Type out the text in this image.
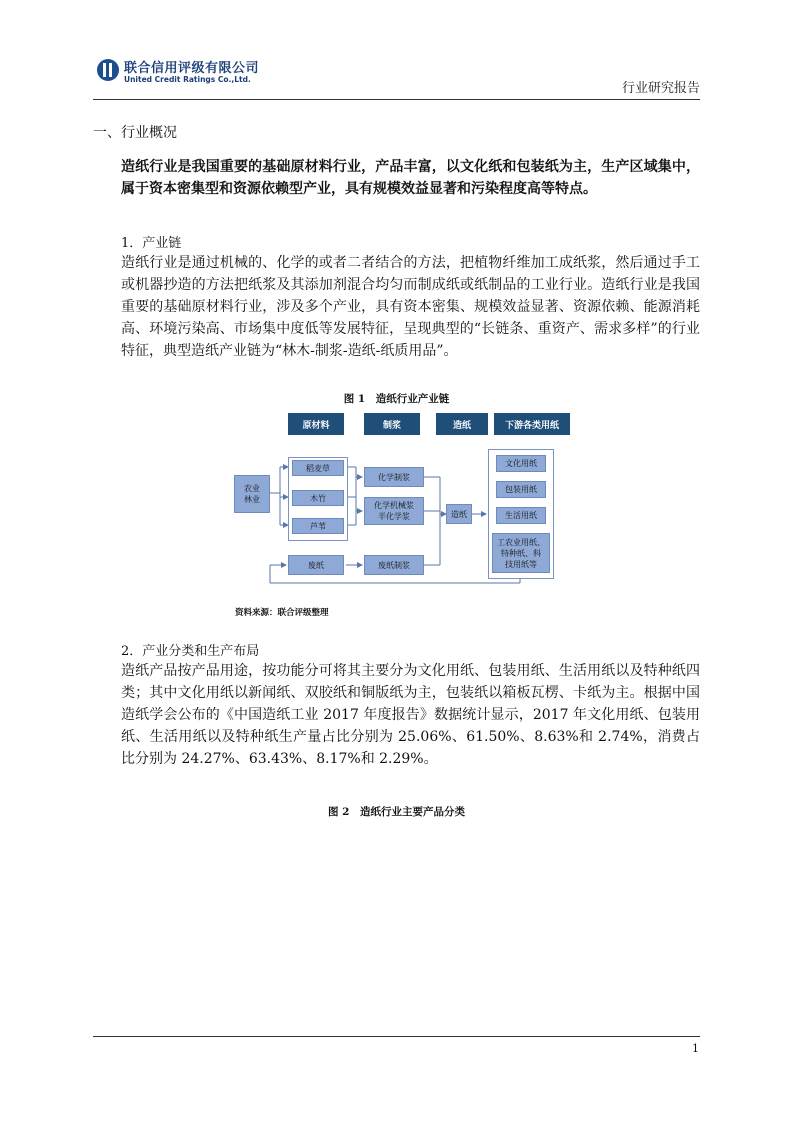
联合信用评级有限公司
United Credit Ratings Co.,Ltd.
行业研究报告
一、行业概况
造纸行业是我国重要的基础原材料行业，产品丰富，以文化纸和包装纸为主，生产区域集中，属于资本密集型和资源依赖型产业，具有规模效益显著和污染程度高等特点。
1．产业链
造纸行业是通过机械的、化学的或者二者结合的方法，把植物纤维加工成纸浆，然后通过手工或机器抄造的方法把纸浆及其添加剂混合均匀而制成纸或纸制品的工业行业。造纸行业是我国重要的基础原材料行业，涉及多个产业，具有资本密集、规模效益显著、资源依赖、能源消耗高、环境污染高、市场集中度低等发展特征，呈现典型的“长链条、重资产、需求多样”的行业特征，典型造纸产业链为“林木-制浆-造纸-纸质用品”。
图 1　造纸行业产业链
原材料	制浆	造纸	下游各类用纸
农业
林业
稻麦草
木竹
芦苇
废纸
化学制浆
化学机械浆
半化学浆
废纸制浆
造纸
文化用纸
包装用纸
生活用纸
工农业用纸、
特种纸、科
技用纸等
资料来源：联合评级整理
2．产业分类和生产布局
造纸产品按产品用途，按功能分可将其主要分为文化用纸、包装用纸、生活用纸以及特种纸四类；其中文化用纸以新闻纸、双胶纸和铜版纸为主，包装纸以箱板瓦楞、卡纸为主。根据中国造纸学会公布的《中国造纸工业 2017 年度报告》数据统计显示，2017 年文化用纸、包装用纸、生活用纸以及特种纸生产量占比分别为 25.06%、61.50%、8.63%和 2.74%，消费占比分别为 24.27%、63.43%、8.17%和 2.29%。
图 2　造纸行业主要产品分类
1
